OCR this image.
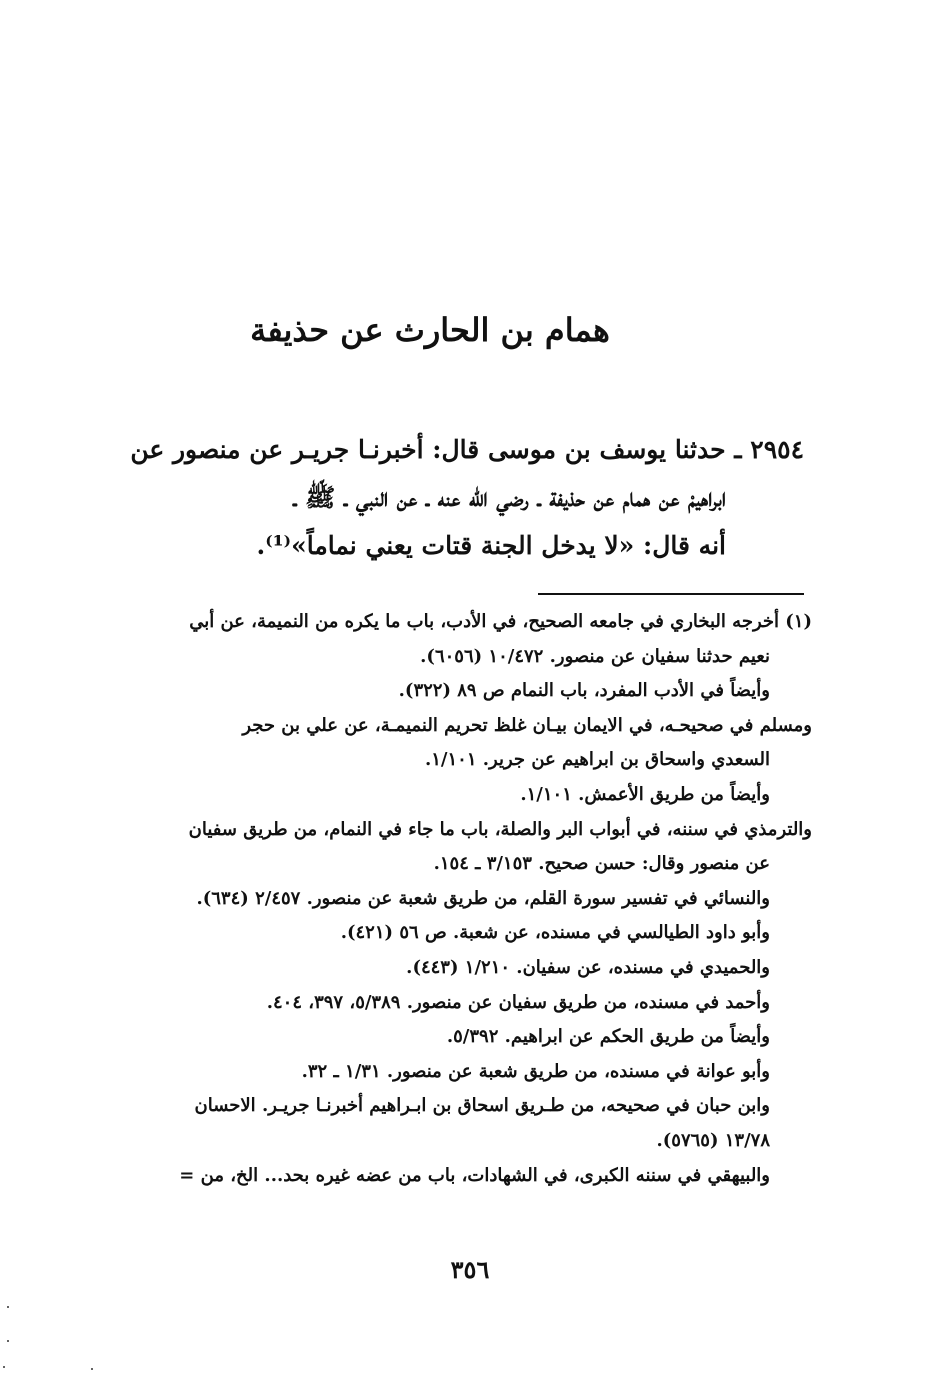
همام بن الحارث عن حذيفة
٢٩٥٤ ـ حدثنا يوسف بن موسى قال: أخبرنـا جريـر عن منصور عن
ابراهيمْ عن همام عن حذيفة ـ رضي الله عنه ـ عن النبي ـ ﷺ ـ
أنه قال: «لا يدخل الجنة قتات يعني نماماً»⁽¹⁾.
(١) أخرجه البخاري في جامعه الصحيح، في الأدب، باب ما يكره من النميمة، عن أبي
نعيم حدثنا سفيان عن منصور. ١٠/٤٧٢ (٦٠٥٦).
وأيضاً في الأدب المفرد، باب النمام ص ٨٩ (٣٢٢).
ومسلم في صحيحـه، في الايمان بيـان غلظ تحريم النميمـة، عن علي بن حجر
السعدي واسحاق بن ابراهيم عن جرير. ١/١٠١.
وأيضاً من طريق الأعمش. ١/١٠١.
والترمذي في سننه، في أبواب البر والصلة، باب ما جاء في النمام، من طريق سفيان
عن منصور وقال: حسن صحيح. ٣/١٥٣ ـ ١٥٤.
والنسائي في تفسير سورة القلم، من طريق شعبة عن منصور. ٢/٤٥٧ (٦٣٤).
وأبو داود الطيالسي في مسنده، عن شعبة. ص ٥٦ (٤٢١).
والحميدي في مسنده، عن سفيان. ١/٢١٠ (٤٤٣).
وأحمد في مسنده، من طريق سفيان عن منصور. ٥/٣٨٩، ٣٩٧، ٤٠٤.
وأيضاً من طريق الحكم عن ابراهيم. ٥/٣٩٢.
وأبو عوانة في مسنده، من طريق شعبة عن منصور. ١/٣١ ـ ٣٢.
وابن حبان في صحيحه، من طـريق اسحاق بن ابـراهيم أخبرنـا جريـر. الاحسان
١٣/٧٨ (٥٧٦٥).
والبيهقي في سننه الكبرى، في الشهادات، باب من عضه غيره بحد... الخ، من =
٣٥٦
